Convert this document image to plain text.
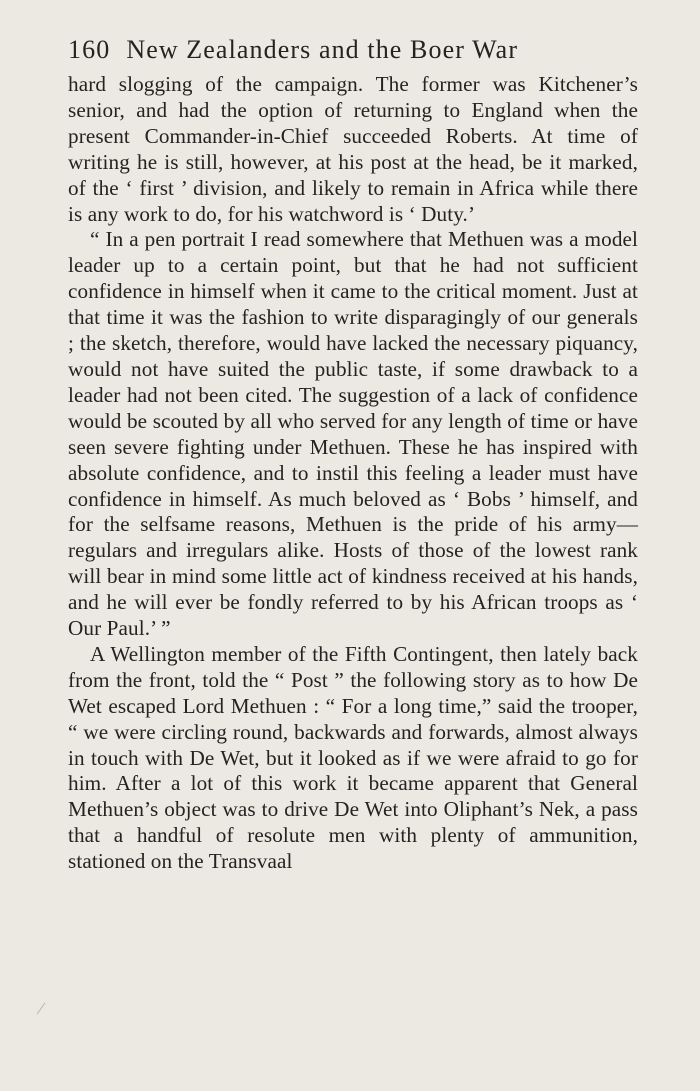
160 New Zealanders and the Boer War

hard slogging of the campaign. The former was Kitchener’s senior, and had the option of returning to England when the present Commander-in-Chief succeeded Roberts. At time of writing he is still, however, at his post at the head, be it marked, of the ‘ first ’ division, and likely to remain in Africa while there is any work to do, for his watchword is ‘ Duty.’

“ In a pen portrait I read somewhere that Methuen was a model leader up to a certain point, but that he had not sufficient confidence in himself when it came to the critical moment. Just at that time it was the fashion to write disparagingly of our generals ; the sketch, therefore, would have lacked the necessary piquancy, would not have suited the public taste, if some drawback to a leader had not been cited. The suggestion of a lack of confidence would be scouted by all who served for any length of time or have seen severe fighting under Methuen. These he has inspired with absolute confidence, and to instil this feeling a leader must have confidence in himself. As much beloved as ‘ Bobs ’ himself, and for the selfsame reasons, Methuen is the pride of his army—regulars and irregulars alike. Hosts of those of the lowest rank will bear in mind some little act of kindness received at his hands, and he will ever be fondly referred to by his African troops as ‘ Our Paul.’ ”

A Wellington member of the Fifth Contingent, then lately back from the front, told the “ Post ” the following story as to how De Wet escaped Lord Methuen : “ For a long time,” said the trooper, “ we were circling round, backwards and forwards, almost always in touch with De Wet, but it looked as if we were afraid to go for him. After a lot of this work it became apparent that General Methuen’s object was to drive De Wet into Oliphant’s Nek, a pass that a handful of resolute men with plenty of ammunition, stationed on the Transvaal
